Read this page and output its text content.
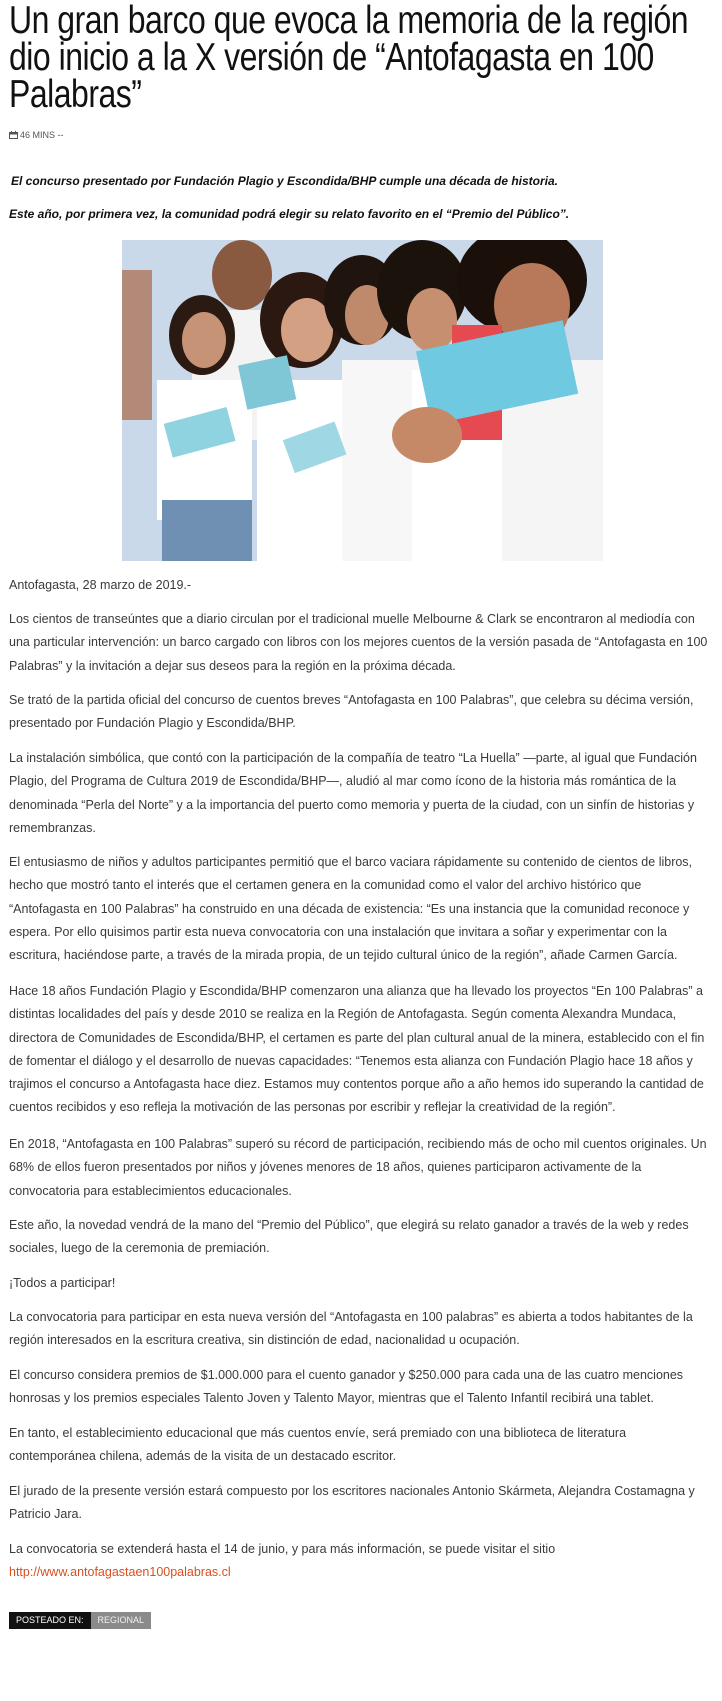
Un gran barco que evoca la memoria de la región dio inicio a la X versión de “Antofagasta en 100 Palabras”
46 MINS --

El concurso presentado por Fundación Plagio y Escondida/BHP cumple una década de historia.

Este año, por primera vez, la comunidad podrá elegir su relato favorito en el “Premio del Público”.

Antofagasta, 28 marzo de 2019.-

Los cientos de transeúntes que a diario circulan por el tradicional muelle Melbourne & Clark se encontraron al mediodía con una particular intervención: un barco cargado con libros con los mejores cuentos de la versión pasada de “Antofagasta en 100 Palabras” y la invitación a dejar sus deseos para la región en la próxima década.

Se trató de la partida oficial del concurso de cuentos breves “Antofagasta en 100 Palabras”, que celebra su décima versión, presentado por Fundación Plagio y Escondida/BHP.

La instalación simbólica, que contó con la participación de la compañía de teatro “La Huella” —parte, al igual que Fundación Plagio, del Programa de Cultura 2019 de Escondida/BHP—, aludió al mar como ícono de la historia más romántica de la denominada “Perla del Norte” y a la importancia del puerto como memoria y puerta de la ciudad, con un sinfín de historias y remembranzas.

El entusiasmo de niños y adultos participantes permitió que el barco vaciara rápidamente su contenido de cientos de libros, hecho que mostró tanto el interés que el certamen genera en la comunidad como el valor del archivo histórico que “Antofagasta en 100 Palabras” ha construido en una década de existencia: “Es una instancia que la comunidad reconoce y espera. Por ello quisimos partir esta nueva convocatoria con una instalación que invitara a soñar y experimentar con la escritura, haciéndose parte, a través de la mirada propia, de un tejido cultural único de la región”, añade Carmen García.

Hace 18 años Fundación Plagio y Escondida/BHP comenzaron una alianza que ha llevado los proyectos “En 100 Palabras” a distintas localidades del país y desde 2010 se realiza en la Región de Antofagasta. Según comenta Alexandra Mundaca, directora de Comunidades de Escondida/BHP, el certamen es parte del plan cultural anual de la minera, establecido con el fin de fomentar el diálogo y el desarrollo de nuevas capacidades: “Tenemos esta alianza con Fundación Plagio hace 18 años y trajimos el concurso a Antofagasta hace diez. Estamos muy contentos porque año a año hemos ido superando la cantidad de cuentos recibidos y eso refleja la motivación de las personas por escribir y reflejar la creatividad de la región”.

En 2018, “Antofagasta en 100 Palabras” superó su récord de participación, recibiendo más de ocho mil cuentos originales. Un 68% de ellos fueron presentados por niños y jóvenes menores de 18 años, quienes participaron activamente de la convocatoria para establecimientos educacionales.

Este año, la novedad vendrá de la mano del “Premio del Público”, que elegirá su relato ganador a través de la web y redes sociales, luego de la ceremonia de premiación.

¡Todos a participar!

La convocatoria para participar en esta nueva versión del “Antofagasta en 100 palabras” es abierta a todos habitantes de la región interesados en la escritura creativa, sin distinción de edad, nacionalidad u ocupación.

El concurso considera premios de $1.000.000 para el cuento ganador y $250.000 para cada una de las cuatro menciones honrosas y los premios especiales Talento Joven y Talento Mayor, mientras que el Talento Infantil recibirá una tablet.

En tanto, el establecimiento educacional que más cuentos envíe, será premiado con una biblioteca de literatura contemporánea chilena, además de la visita de un destacado escritor.

El jurado de la presente versión estará compuesto por los escritores nacionales Antonio Skármeta, Alejandra Costamagna y Patricio Jara.

La convocatoria se extenderá hasta el 14 de junio, y para más información, se puede visitar el sitio http://www.antofagastaen100palabras.cl

POSTEADO EN:	REGIONAL
